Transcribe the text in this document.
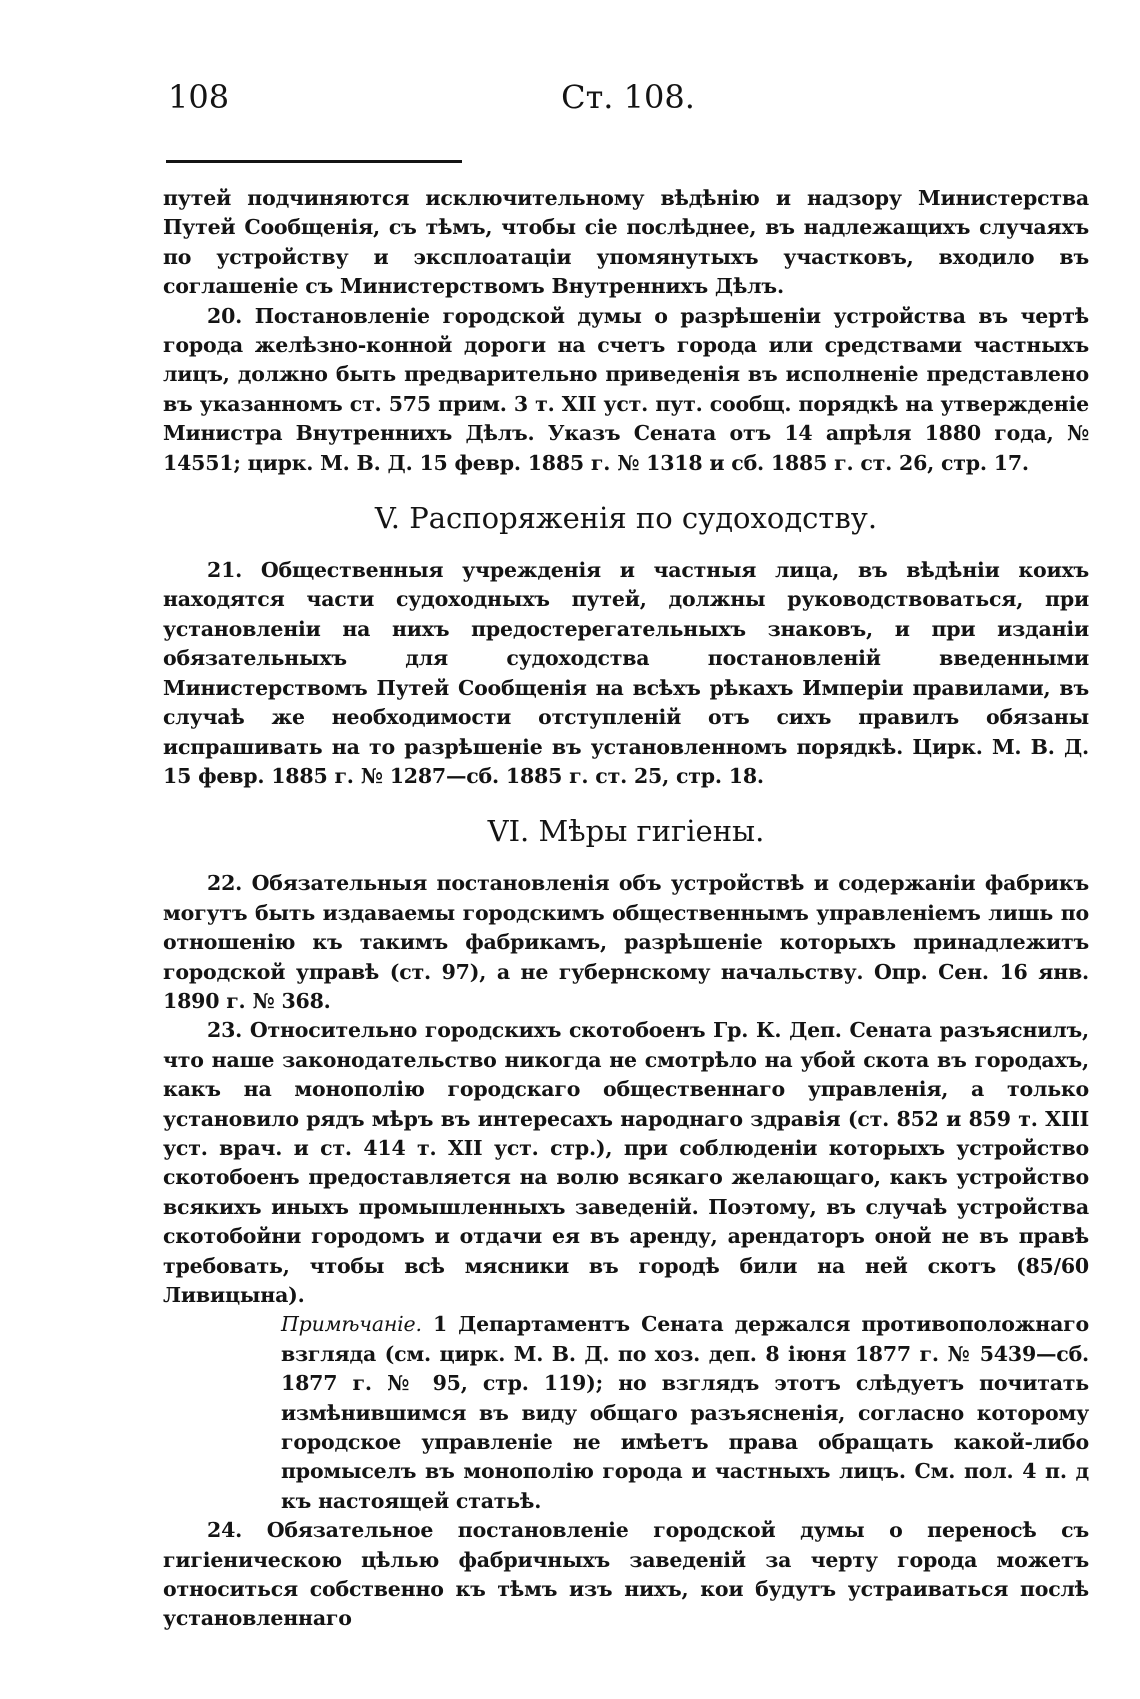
108	Ст. 108.

путей подчиняются исключительному вѣдѣнію и надзору Министерства Путей Сообщенія, съ тѣмъ, чтобы сіе послѣднее, въ надлежащихъ случаяхъ по устройству и эксплоатаціи упомянутыхъ участковъ, входило въ соглашеніе съ Министерствомъ Внутреннихъ Дѣлъ.

20. Постановленіе городской думы о разрѣшеніи устройства въ чертѣ города желѣзно-конной дороги на счетъ города или средствами частныхъ лицъ, должно быть предварительно приведенія въ исполненіе представлено въ указанномъ ст. 575 прим. 3 т. XII уст. пут. сообщ. порядкѣ на утвержденіе Министра Внутреннихъ Дѣлъ. Указъ Сената отъ 14 апрѣля 1880 года, № 14551; цирк. М. В. Д. 15 февр. 1885 г. № 1318 и сб. 1885 г. ст. 26, стр. 17.

V. Распоряженія по судоходству.

21. Общественныя учрежденія и частныя лица, въ вѣдѣніи коихъ находятся части судоходныхъ путей, должны руководствоваться, при установленіи на нихъ предостерегательныхъ знаковъ, и при изданіи обязательныхъ для судоходства постановленій введенными Министерствомъ Путей Сообщенія на всѣхъ рѣкахъ Имперіи правилами, въ случаѣ же необходимости отступленій отъ сихъ правилъ обязаны испрашивать на то разрѣшеніе въ установленномъ порядкѣ. Цирк. М. В. Д. 15 февр. 1885 г. № 1287—сб. 1885 г. ст. 25, стр. 18.

VI. Мѣры гигіены.

22. Обязательныя постановленія объ устройствѣ и содержаніи фабрикъ могутъ быть издаваемы городскимъ общественнымъ управленіемъ лишь по отношенію къ такимъ фабрикамъ, разрѣшеніе которыхъ принадлежитъ городской управѣ (ст. 97), а не губернскому начальству. Опр. Сен. 16 янв. 1890 г. № 368.

23. Относительно городскихъ скотобоенъ Гр. К. Деп. Сената разъяснилъ, что наше законодательство никогда не смотрѣло на убой скота въ городахъ, какъ на монополію городскаго общественнаго управленія, а только установило рядъ мѣръ въ интересахъ народнаго здравія (ст. 852 и 859 т. XIII уст. врач. и ст. 414 т. XII уст. стр.), при соблюденіи которыхъ устройство скотобоенъ предоставляется на волю всякаго желающаго, какъ устройство всякихъ иныхъ промышленныхъ заведеній. Поэтому, въ случаѣ устройства скотобойни городомъ и отдачи ея въ аренду, арендаторъ оной не въ правѣ требовать, чтобы всѣ мясники въ городѣ били на ней скотъ (85/60 Ливицына).

Примѣчаніе. 1 Департаментъ Сената держался противоположнаго взгляда (см. цирк. М. В. Д. по хоз. деп. 8 іюня 1877 г. № 5439—сб. 1877 г. № 95, стр. 119); но взглядъ этотъ слѣдуетъ почитать измѣнившимся въ виду общаго разъясненія, согласно которому городское управленіе не имѣетъ права обращать какой-либо промыселъ въ монополію города и частныхъ лицъ. См. пол. 4 п. д къ настоящей статьѣ.

24. Обязательное постановленіе городской думы о переносѣ съ гигіеническою цѣлью фабричныхъ заведеній за черту города можетъ относиться собственно къ тѣмъ изъ нихъ, кои будутъ устраиваться послѣ установленнаго
